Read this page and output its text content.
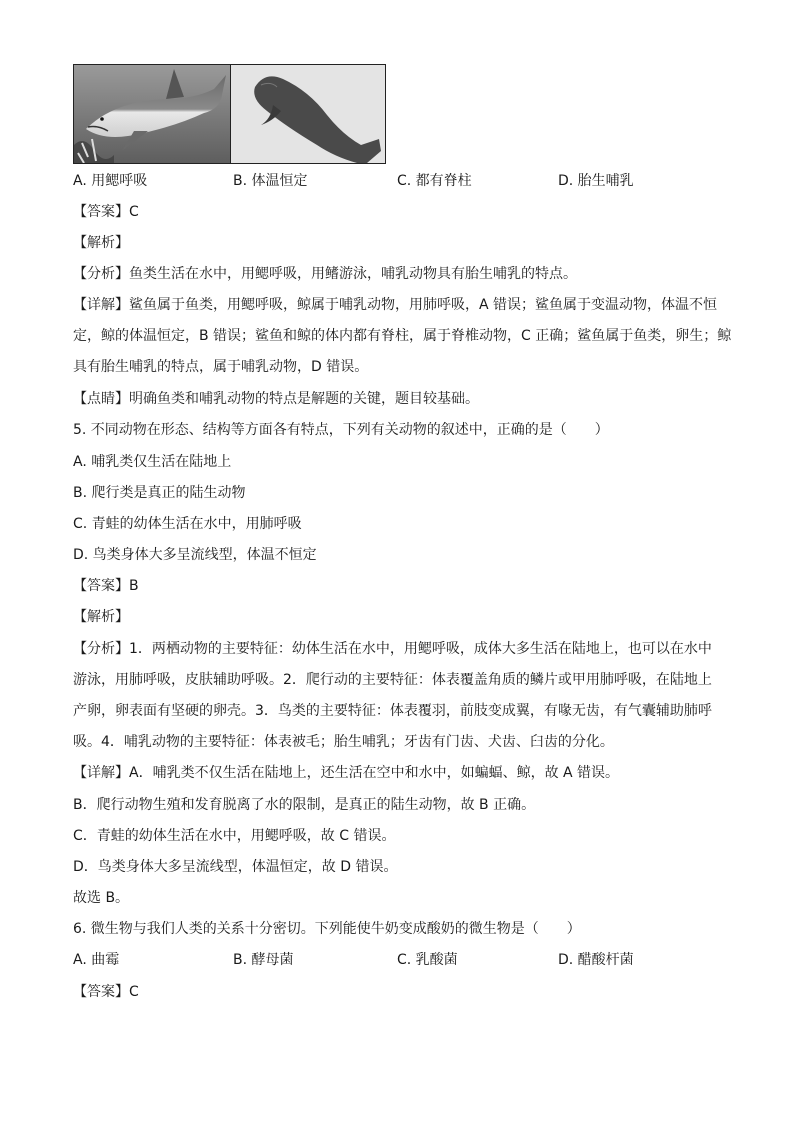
A. 用鳃呼吸	B. 体温恒定	C. 都有脊柱	D. 胎生哺乳
【答案】C
【解析】
【分析】鱼类生活在水中，用鳃呼吸，用鳍游泳，哺乳动物具有胎生哺乳的特点。
【详解】鲨鱼属于鱼类，用鳃呼吸，鲸属于哺乳动物，用肺呼吸，A 错误；鲨鱼属于变温动物，体温不恒
定，鲸的体温恒定，B 错误；鲨鱼和鲸的体内都有脊柱，属于脊椎动物，C 正确；鲨鱼属于鱼类，卵生；鲸
具有胎生哺乳的特点，属于哺乳动物，D 错误。
【点睛】明确鱼类和哺乳动物的特点是解题的关键，题目较基础。
5. 不同动物在形态、结构等方面各有特点，下列有关动物的叙述中，正确的是（　　）
A. 哺乳类仅生活在陆地上
B. 爬行类是真正的陆生动物
C. 青蛙的幼体生活在水中，用肺呼吸
D. 鸟类身体大多呈流线型，体温不恒定
【答案】B
【解析】
【分析】1．两栖动物的主要特征：幼体生活在水中，用鳃呼吸，成体大多生活在陆地上，也可以在水中
游泳，用肺呼吸，皮肤辅助呼吸。2．爬行动的主要特征：体表覆盖角质的鳞片或甲用肺呼吸，在陆地上
产卵，卵表面有坚硬的卵壳。3．鸟类的主要特征：体表覆羽，前肢变成翼，有喙无齿，有气囊辅助肺呼
吸。4．哺乳动物的主要特征：体表被毛；胎生哺乳；牙齿有门齿、犬齿、臼齿的分化。
【详解】A．哺乳类不仅生活在陆地上，还生活在空中和水中，如蝙蝠、鲸，故 A 错误。
B．爬行动物生殖和发育脱离了水的限制，是真正的陆生动物，故 B 正确。
C．青蛙的幼体生活在水中，用鳃呼吸，故 C 错误。
D．鸟类身体大多呈流线型，体温恒定，故 D 错误。
故选 B。
6. 微生物与我们人类的关系十分密切。下列能使牛奶变成酸奶的微生物是（　　）
A. 曲霉	B. 酵母菌	C. 乳酸菌	D. 醋酸杆菌
【答案】C
